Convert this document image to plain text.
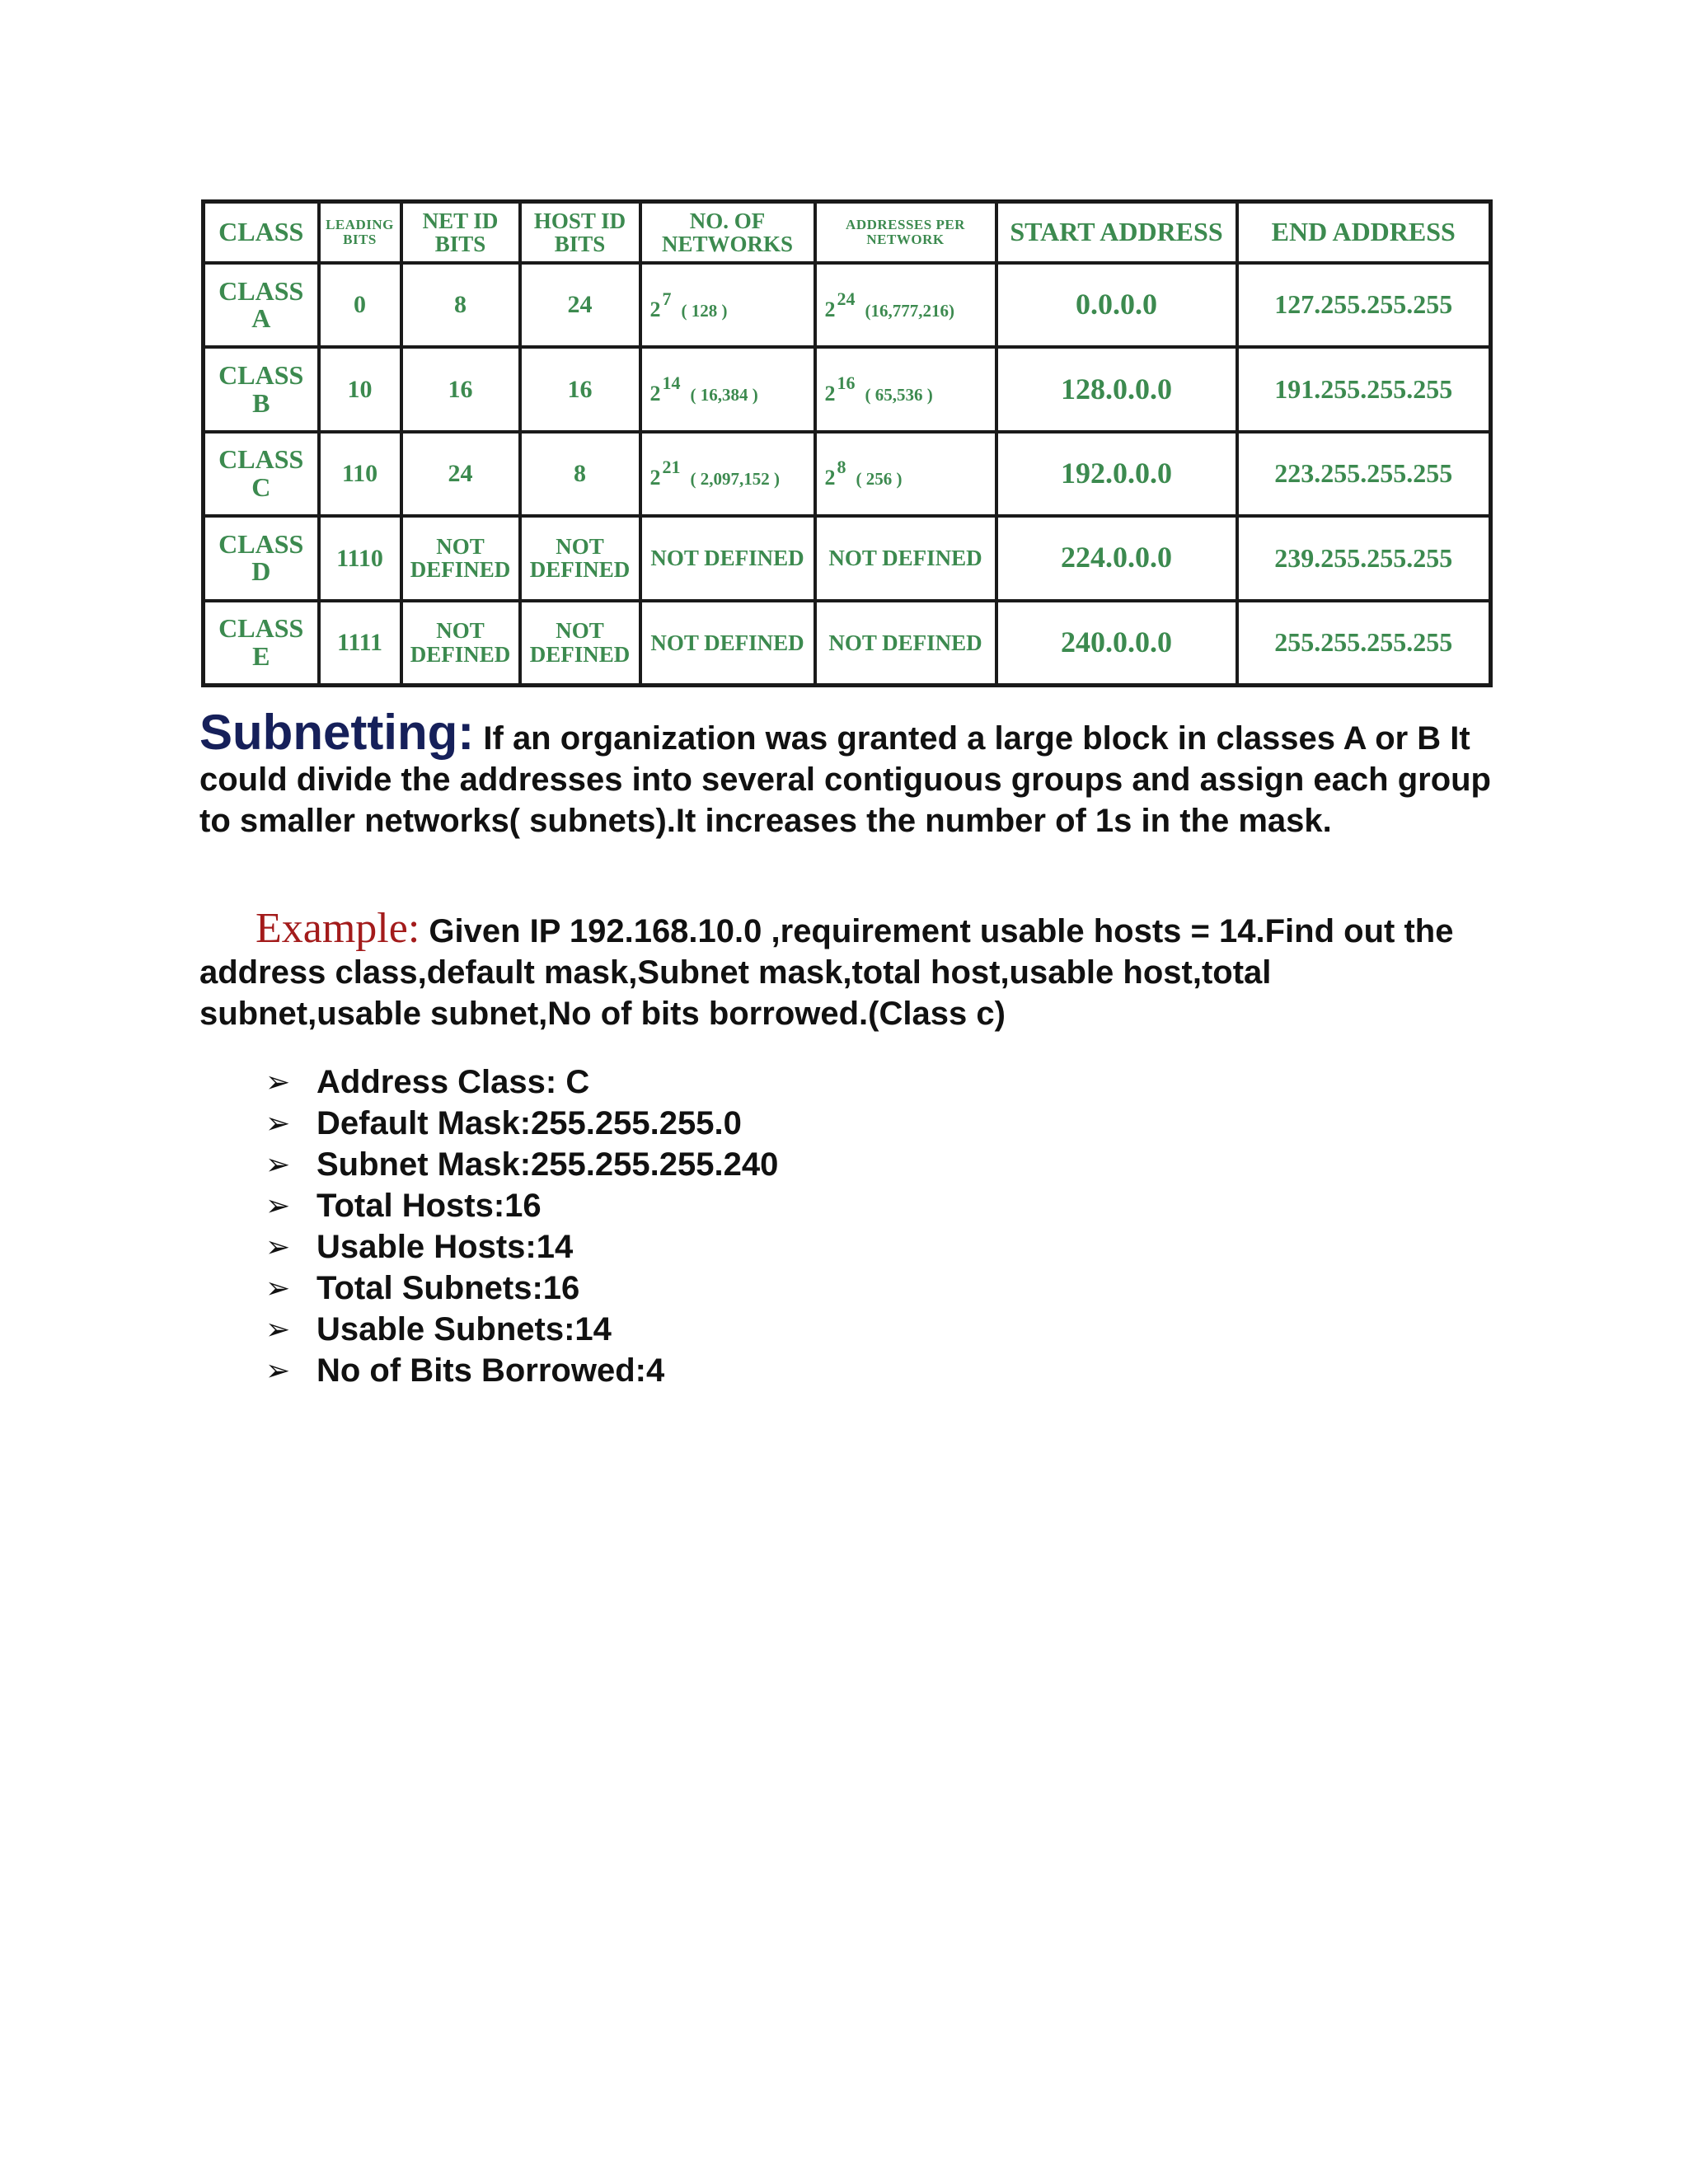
CLASS	LEADING BITS	NET ID BITS	HOST ID BITS	NO. OF NETWORKS	ADDRESSES PER NETWORK	START ADDRESS	END ADDRESS
CLASS A	0	8	24	$2^7$( 128 )	$2^{24}(16,777,216)$	0.0.0.0	127.255.255.255
CLASS B	10	16	16	$2^{14}$( 16,384 )	$2^{16}$( 65,536 )	128.0.0.0	191.255.255.255
CLASS C	110	24	8	$2^{21}$( 2,097,152 )	$2^8$( 256 )	192.0.0.0	223.255.255.255
CLASS D	1110	NOT DEFINED	NOT DEFINED	NOT DEFINED	NOT DEFINED	224.0.0.0	239.255.255.255
CLASS E	1111	NOT DEFINED	NOT DEFINED	NOT DEFINED	NOT DEFINED	240.0.0.0	255.255.255.255
Subnetting: If an organization was granted a large block in classes A or B It could divide the addresses into several contiguous groups and assign each group to smaller networks( subnets).It increases the number of 1s in the mask.
Example: Given IP 192.168.10.0 ,requirement usable hosts = 14.Find out the address class,default mask,Subnet mask,total host,usable host,total subnet,usable subnet,No of bits borrowed.(Class c)
➢ Address Class: C
➢ Default Mask:255.255.255.0
➢ Subnet Mask:255.255.255.240
➢ Total Hosts:16
➢ Usable Hosts:14
➢ Total Subnets:16
➢ Usable Subnets:14
➢ No of Bits Borrowed:4
